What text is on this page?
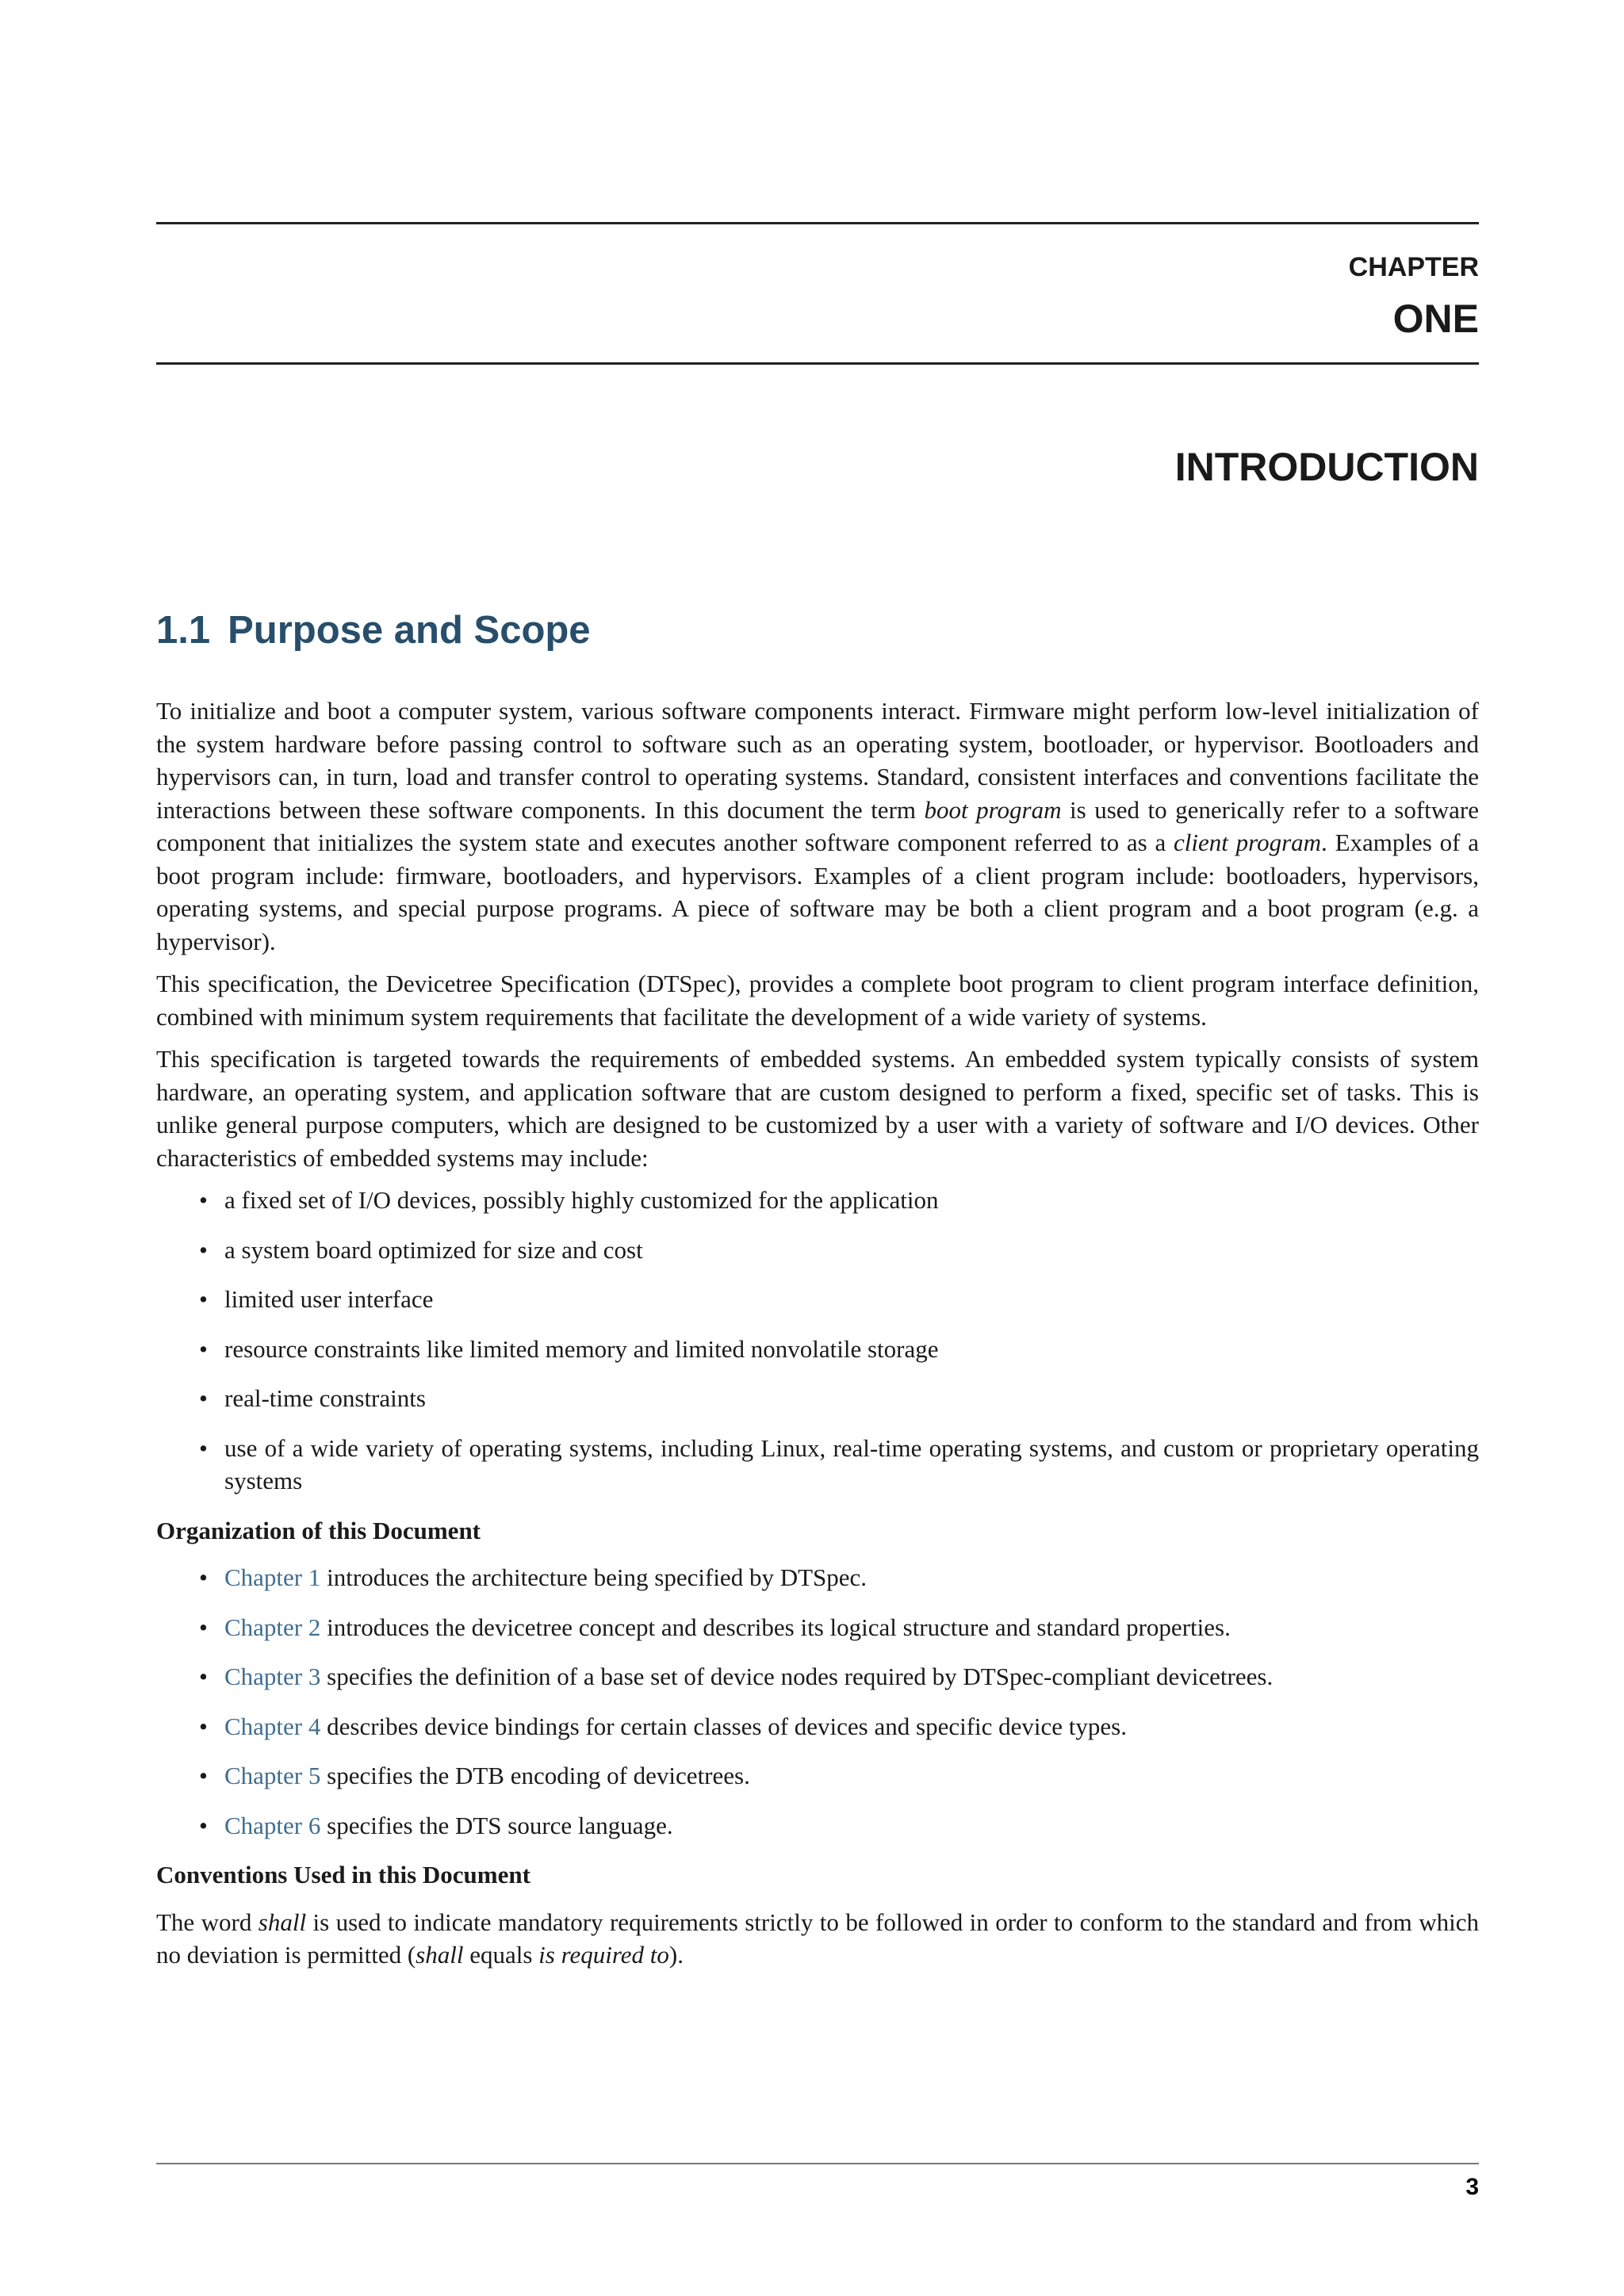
CHAPTER
ONE
INTRODUCTION
1.1 Purpose and Scope

To initialize and boot a computer system, various software components interact. Firmware might perform low-level initialization of the system hardware before passing control to software such as an operating system, bootloader, or hypervisor. Bootloaders and hypervisors can, in turn, load and transfer control to operating systems. Standard, consistent interfaces and conventions facilitate the interactions between these software components. In this document the term boot program is used to generically refer to a software component that initializes the system state and executes another software component referred to as a client program. Examples of a boot program include: firmware, bootloaders, and hypervisors. Examples of a client program include: bootloaders, hypervisors, operating systems, and special purpose programs. A piece of software may be both a client program and a boot program (e.g. a hypervisor).

This specification, the Devicetree Specification (DTSpec), provides a complete boot program to client program interface definition, combined with minimum system requirements that facilitate the development of a wide variety of systems.

This specification is targeted towards the requirements of embedded systems. An embedded system typically consists of system hardware, an operating system, and application software that are custom designed to perform a fixed, specific set of tasks. This is unlike general purpose computers, which are designed to be customized by a user with a variety of software and I/O devices. Other characteristics of embedded systems may include:

• a fixed set of I/O devices, possibly highly customized for the application
• a system board optimized for size and cost
• limited user interface
• resource constraints like limited memory and limited nonvolatile storage
• real-time constraints
• use of a wide variety of operating systems, including Linux, real-time operating systems, and custom or proprietary operating systems
Organization of this Document
• Chapter 1 introduces the architecture being specified by DTSpec.
• Chapter 2 introduces the devicetree concept and describes its logical structure and standard properties.
• Chapter 3 specifies the definition of a base set of device nodes required by DTSpec-compliant devicetrees.
• Chapter 4 describes device bindings for certain classes of devices and specific device types.
• Chapter 5 specifies the DTB encoding of devicetrees.
• Chapter 6 specifies the DTS source language.
Conventions Used in this Document

The word shall is used to indicate mandatory requirements strictly to be followed in order to conform to the standard and from which no deviation is permitted (shall equals is required to).

3
